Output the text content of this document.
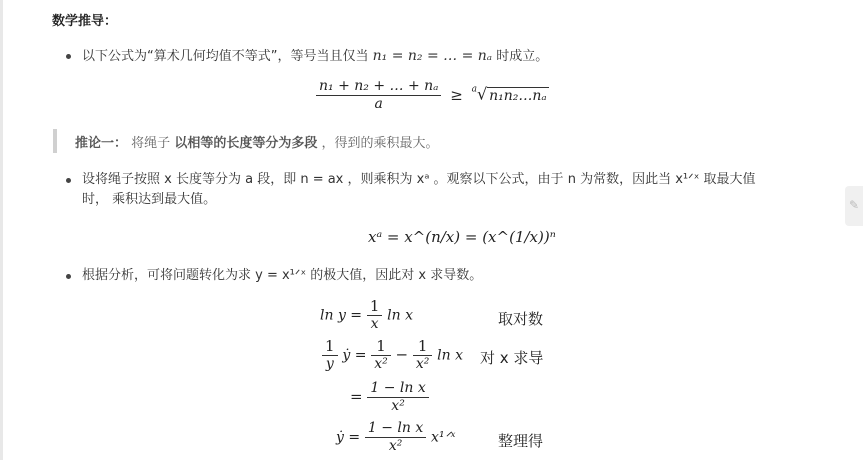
数学推导：
以下公式为“算术几何均值不等式”，等号当且仅当 n₁ = n₂ = … = nₐ 时成立。
$\frac{\text{n₁ + n₂ + … + nₐ}}{a} \ge ^a√$ n₁n₂…nₐ
推论一： 将绳子 以相等的长度等分为多段 ，得到的乘积最大。
设将绳子按照 x 长度等分为 a 段，即 n = ax ，则乘积为 xᵃ 。观察以下公式，由于 n 为常数，因此当 x¹ᐟˣ 取最大值
时， 乘积达到最大值。
xᵃ = x^(n/x) = (x^(1/x))ⁿ
根据分析，可将问题转化为求 y = x¹ᐟˣ 的极大值，因此对 x 求导数。
$\ln y = \frac{1}{x}$ ln x	取对数
$\frac{1}{y}$ ẏ = $\frac{1}{\text{x²}} - \frac{1}{\text{x²}}$ ln x 对 x 求导
= $\frac{\text{1 − ln x}}{\text{x²}}$
ẏ = $\frac{\text{1 − ln x}}{\text{x²}}$ x¹ᐟˣ	整理得
✎
